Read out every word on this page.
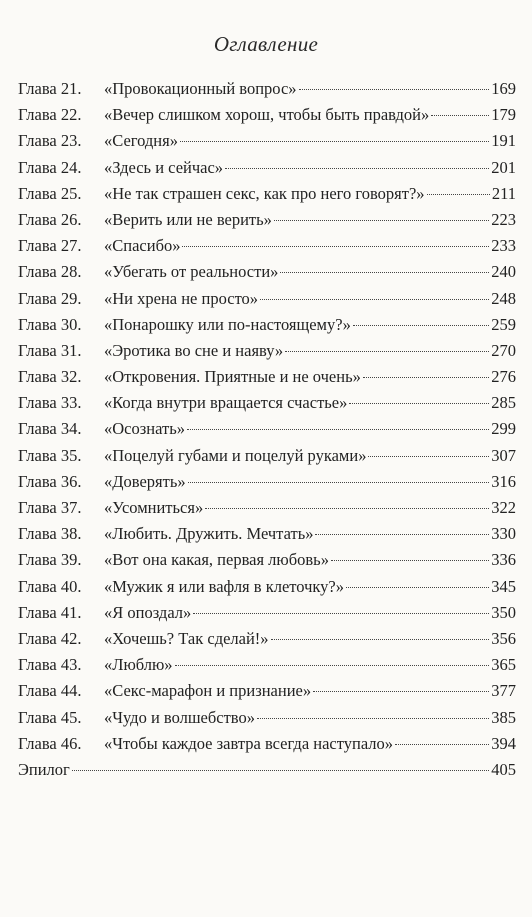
Оглавление
Глава 21.	«Провокационный вопрос»	169
Глава 22.	«Вечер слишком хорош, чтобы быть правдой»	179
Глава 23.	«Сегодня»	191
Глава 24.	«Здесь и сейчас»	201
Глава 25.	«Не так страшен секс, как про него говорят?»	211
Глава 26.	«Верить или не верить»	223
Глава 27.	«Спасибо»	233
Глава 28.	«Убегать от реальности»	240
Глава 29.	«Ни хрена не просто»	248
Глава 30.	«Понарошку или по-настоящему?»	259
Глава 31.	«Эротика во сне и наяву»	270
Глава 32.	«Откровения. Приятные и не очень»	276
Глава 33.	«Когда внутри вращается счастье»	285
Глава 34.	«Осознать»	299
Глава 35.	«Поцелуй губами и поцелуй руками»	307
Глава 36.	«Доверять»	316
Глава 37.	«Усомниться»	322
Глава 38.	«Любить. Дружить. Мечтать»	330
Глава 39.	«Вот она какая, первая любовь»	336
Глава 40.	«Мужик я или вафля в клеточку?»	345
Глава 41.	«Я опоздал»	350
Глава 42.	«Хочешь? Так сделай!»	356
Глава 43.	«Люблю»	365
Глава 44.	«Секс-марафон и признание»	377
Глава 45.	«Чудо и волшебство»	385
Глава 46.	«Чтобы каждое завтра всегда наступало»	394
Эпилог	405
